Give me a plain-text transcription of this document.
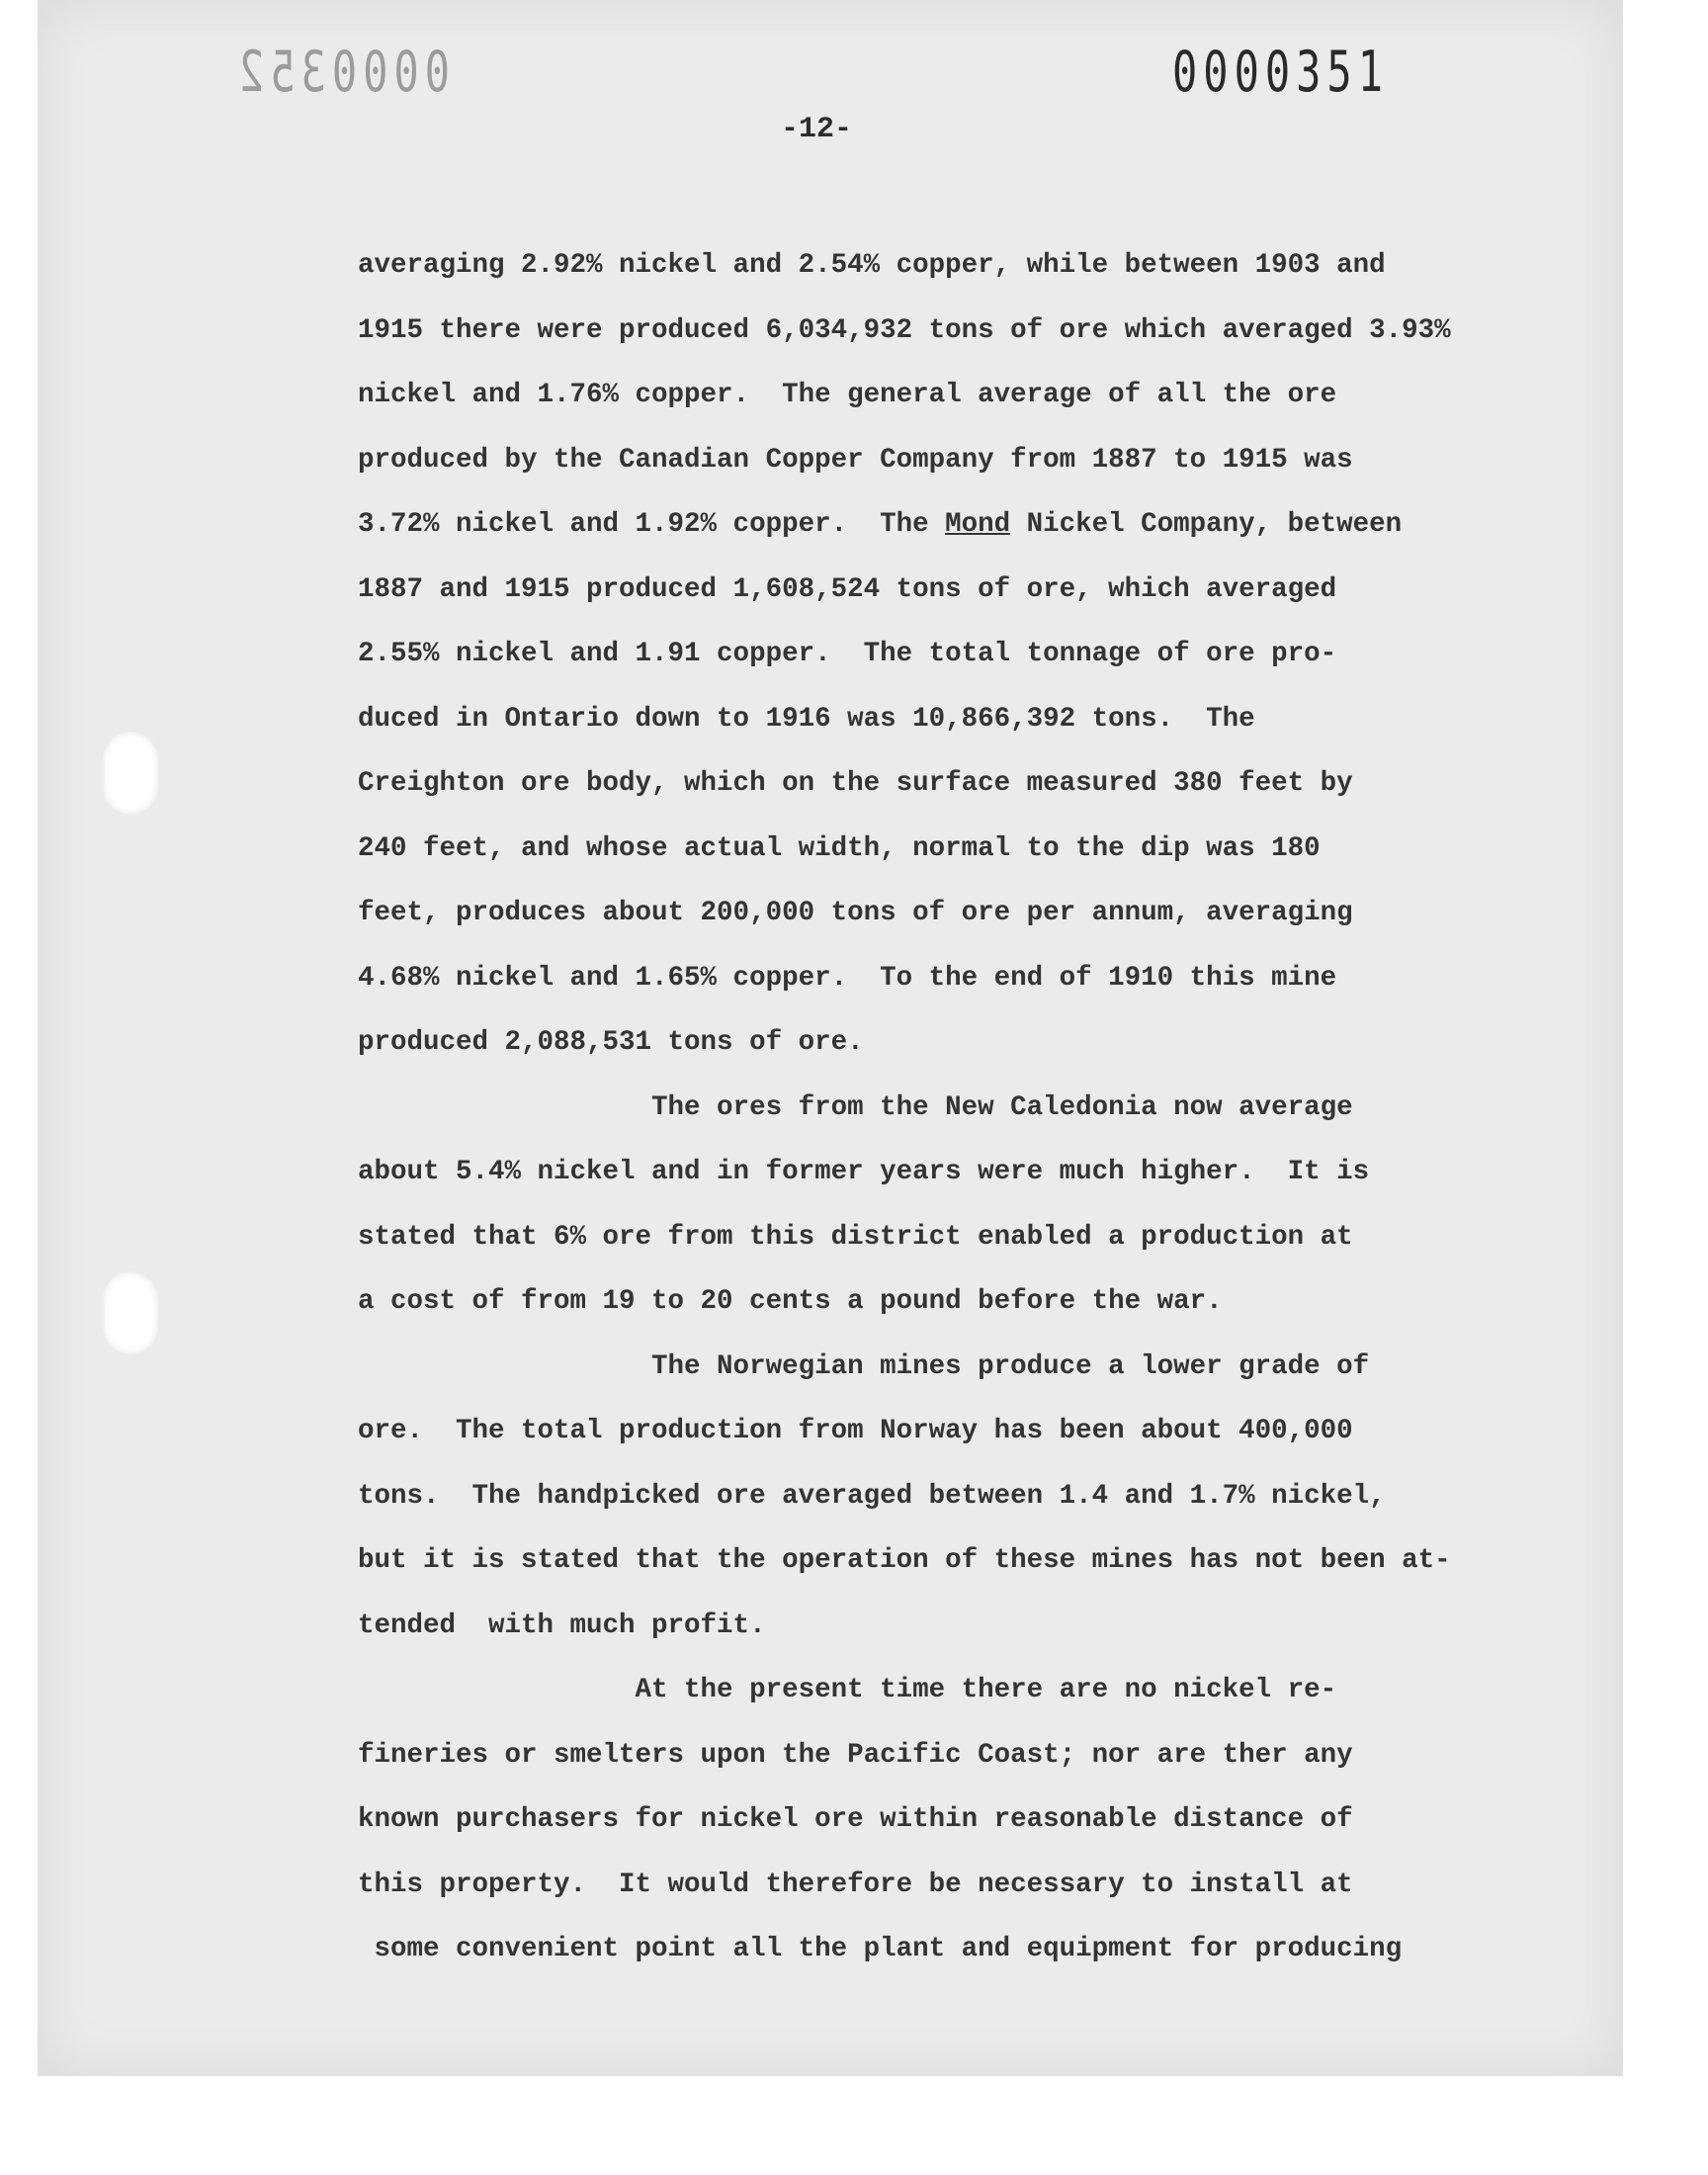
0000352	0000351
-12-
averaging 2.92% nickel and 2.54% copper, while between 1903 and
1915 there were produced 6,034,932 tons of ore which averaged 3.93%
nickel and 1.76% copper.  The general average of all the ore
produced by the Canadian Copper Company from 1887 to 1915 was
3.72% nickel and 1.92% copper.  The Mond Nickel Company, between
1887 and 1915 produced 1,608,524 tons of ore, which averaged
2.55% nickel and 1.91 copper.  The total tonnage of ore pro-
duced in Ontario down to 1916 was 10,866,392 tons.  The
Creighton ore body, which on the surface measured 380 feet by
240 feet, and whose actual width, normal to the dip was 180
feet, produces about 200,000 tons of ore per annum, averaging
4.68% nickel and 1.65% copper.  To the end of 1910 this mine
produced 2,088,531 tons of ore.
The ores from the New Caledonia now average
about 5.4% nickel and in former years were much higher.  It is
stated that 6% ore from this district enabled a production at
a cost of from 19 to 20 cents a pound before the war.
The Norwegian mines produce a lower grade of
ore.  The total production from Norway has been about 400,000
tons.  The handpicked ore averaged between 1.4 and 1.7% nickel,
but it is stated that the operation of these mines has not been at-
tended  with much profit.
At the present time there are no nickel re-
fineries or smelters upon the Pacific Coast; nor are ther any
known purchasers for nickel ore within reasonable distance of
this property.  It would therefore be necessary to install at
some convenient point all the plant and equipment for producing
